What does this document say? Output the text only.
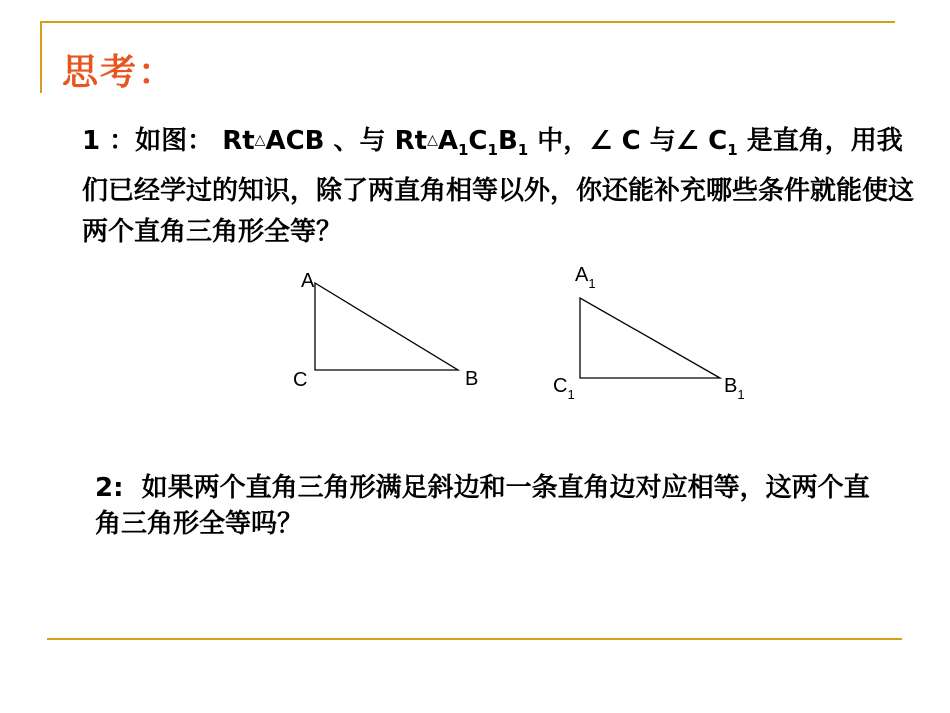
思考：
1 ：如图： Rt△ACB 、与 $Rt\triangle A_1C_1B_1$ 中，∠ C 与∠ $C_1$ 是直角，用我们已经学过的知识，除了两直角相等以外，你还能补充哪些条件就能使这两个直角三角形全等？
A
C	B
$A_1$
$C_1$	$B_1$
2: 如果两个直角三角形满足斜边和一条直角边对应相等，这两个直角三角形全等吗？
